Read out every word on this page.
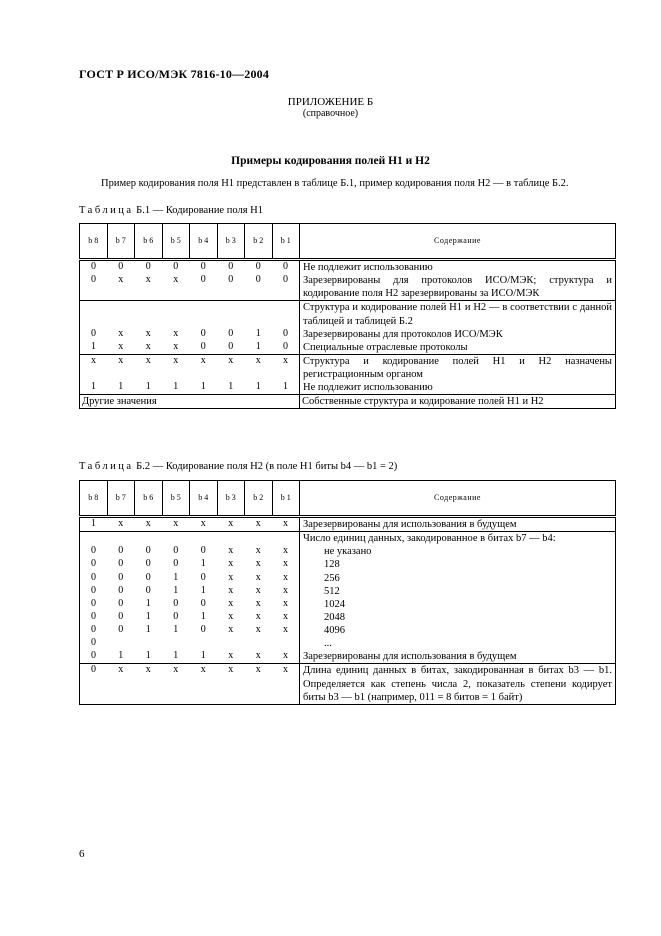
ГОСТ Р ИСО/МЭК 7816-10—2004
ПРИЛОЖЕНИЕ Б
(справочное)
Примеры кодирования полей H1 и H2
Пример кодирования поля H1 представлен в таблице Б.1, пример кодирования поля H2 — в таблице Б.2.
Таблица Б.1 — Кодирование поля H1
b 8	b 7	b 6	b 5	b 4	b 3	b 2	b 1	Содержание
0	0	0	0	0	0	0	0	Не подлежит использованию
0	x	x	x	0	0	0	0	Зарезервированы для протоколов ИСО/МЭК; структура и кодирование поля H2 зарезервированы за ИСО/МЭК
								Структура и кодирование полей H1 и H2 — в соответствии с данной таблицей и таблицей Б.2
0	x	x	x	0	0	1	0	Зарезервированы для протоколов ИСО/МЭК
1	x	x	x	0	0	1	0	Специальные отраслевые протоколы
x	x	x	x	x	x	x	x	Структура и кодирование полей H1 и H2 назначены регистрационным органом
1	1	1	1	1	1	1	1	Не подлежит использованию
Другие значения								Собственные структура и кодирование полей H1 и H2
Таблица Б.2 — Кодирование поля H2 (в поле H1 биты b4 — b1 = 2)
b 8	b 7	b 6	b 5	b 4	b 3	b 2	b 1	Содержание
1	x	x	x	x	x	x	x	Зарезервированы для использования в будущем
								Число единиц данных, закодированное в битах b7 — b4:
0	0	0	0	0	x	x	x	не указано
0	0	0	0	1	x	x	x	128
0	0	0	1	0	x	x	x	256
0	0	0	1	1	x	x	x	512
0	0	1	0	0	x	x	x	1024
0	0	1	0	1	x	x	x	2048
0	0	1	1	0	x	x	x	4096
0								...
0	1	1	1	1	x	x	x	Зарезервированы для использования в будущем
0	x	x	x	x	x	x	x	Длина единиц данных в битах, закодированная в битах b3 — b1. Определяется как степень числа 2, показатель степени кодирует биты b3 — b1 (например, 011 = 8 битов = 1 байт)
6
